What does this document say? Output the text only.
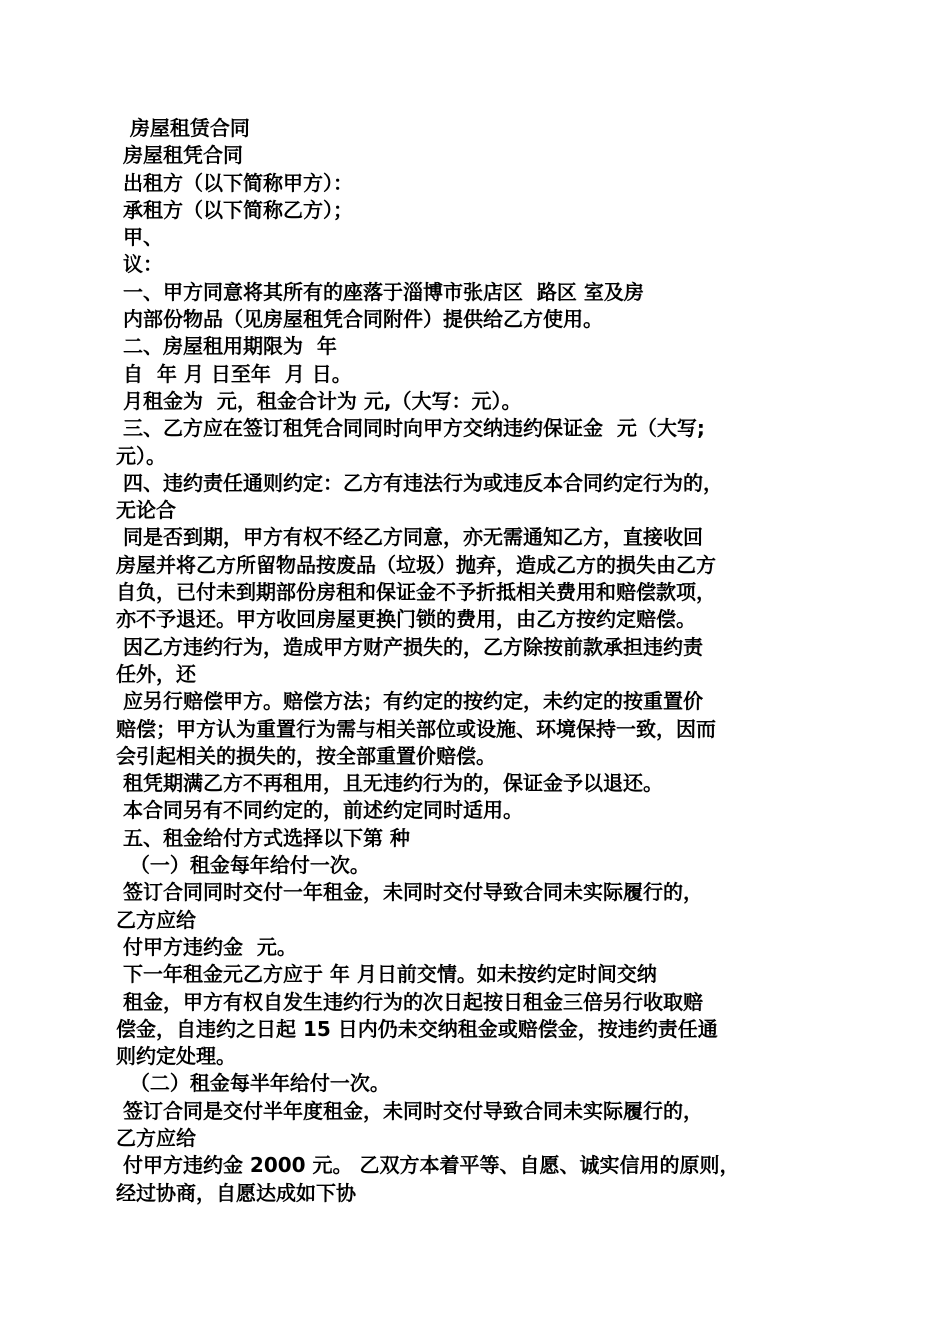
房屋租赁合同
房屋租凭合同
出租方（以下简称甲方）：
承租方（以下简称乙方）；
甲、
议：
一、甲方同意将其所有的座落于淄博市张店区  路区 室及房
内部份物品（见房屋租凭合同附件）提供给乙方使用。
二、房屋租用期限为  年
自  年 月 日至年  月 日。
月租金为  元，租金合计为 元,（大写：元）。
三、乙方应在签订租凭合同同时向甲方交纳违约保证金  元（大写;
元）。
四、违约责任通则约定：乙方有违法行为或违反本合同约定行为的，
无论合
同是否到期，甲方有权不经乙方同意，亦无需通知乙方，直接收回
房屋并将乙方所留物品按废品（垃圾）抛弃，造成乙方的损失由乙方
自负，已付未到期部份房租和保证金不予折抵相关费用和赔偿款项，
亦不予退还。甲方收回房屋更换门锁的费用，由乙方按约定赔偿。
因乙方违约行为，造成甲方财产损失的，乙方除按前款承担违约责
任外，还
应另行赔偿甲方。赔偿方法；有约定的按约定，未约定的按重置价
赔偿；甲方认为重置行为需与相关部位或设施、环境保持一致，因而
会引起相关的损失的，按全部重置价赔偿。
租凭期满乙方不再租用，且无违约行为的，保证金予以退还。
本合同另有不同约定的，前述约定同时适用。
五、租金给付方式选择以下第 种
（一）租金每年给付一次。
签订合同同时交付一年租金，未同时交付导致合同未实际履行的，
乙方应给
付甲方违约金  元。
下一年租金元乙方应于 年 月日前交情。如未按约定时间交纳
租金，甲方有权自发生违约行为的次日起按日租金三倍另行收取赔
偿金，自违约之日起 15 日内仍未交纳租金或赔偿金，按违约责任通
则约定处理。
（二）租金每半年给付一次。
签订合同是交付半年度租金，未同时交付导致合同未实际履行的，
乙方应给
付甲方违约金 2000 元。 乙双方本着平等、自愿、诚实信用的原则，
经过协商，自愿达成如下协
